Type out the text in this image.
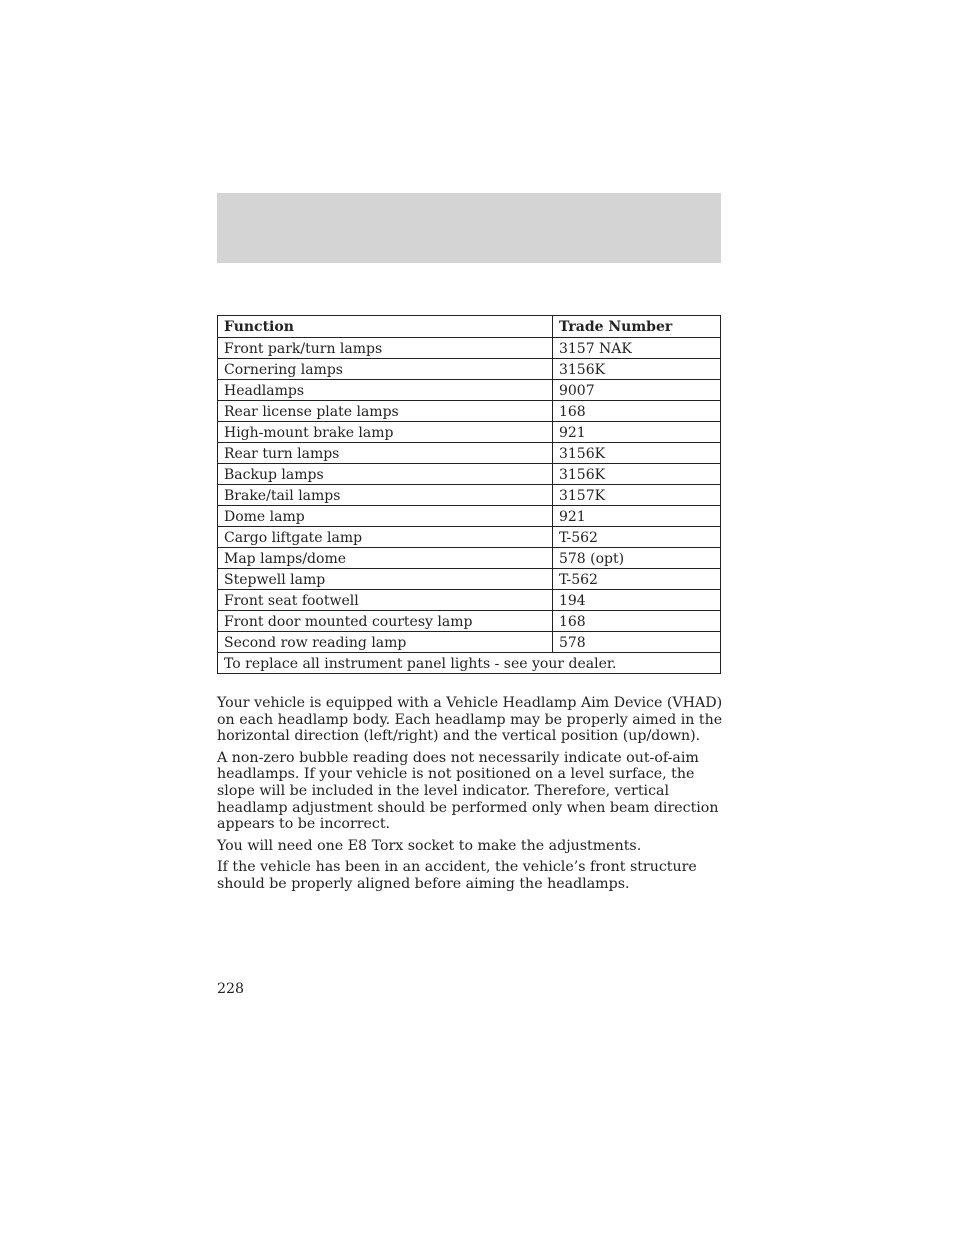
Function	Trade Number
Front park/turn lamps	3157 NAK
Cornering lamps	3156K
Headlamps	9007
Rear license plate lamps	168
High-mount brake lamp	921
Rear turn lamps	3156K
Backup lamps	3156K
Brake/tail lamps	3157K
Dome lamp	921
Cargo liftgate lamp	T-562
Map lamps/dome	578 (opt)
Stepwell lamp	T-562
Front seat footwell	194
Front door mounted courtesy lamp	168
Second row reading lamp	578
To replace all instrument panel lights - see your dealer.	

Your vehicle is equipped with a Vehicle Headlamp Aim Device (VHAD) on each headlamp body. Each headlamp may be properly aimed in the horizontal direction (left/right) and the vertical position (up/down).

A non-zero bubble reading does not necessarily indicate out-of-aim headlamps. If your vehicle is not positioned on a level surface, the slope will be included in the level indicator. Therefore, vertical headlamp adjustment should be performed only when beam direction appears to be incorrect.

You will need one E8 Torx socket to make the adjustments.

If the vehicle has been in an accident, the vehicle’s front structure should be properly aligned before aiming the headlamps.

228
